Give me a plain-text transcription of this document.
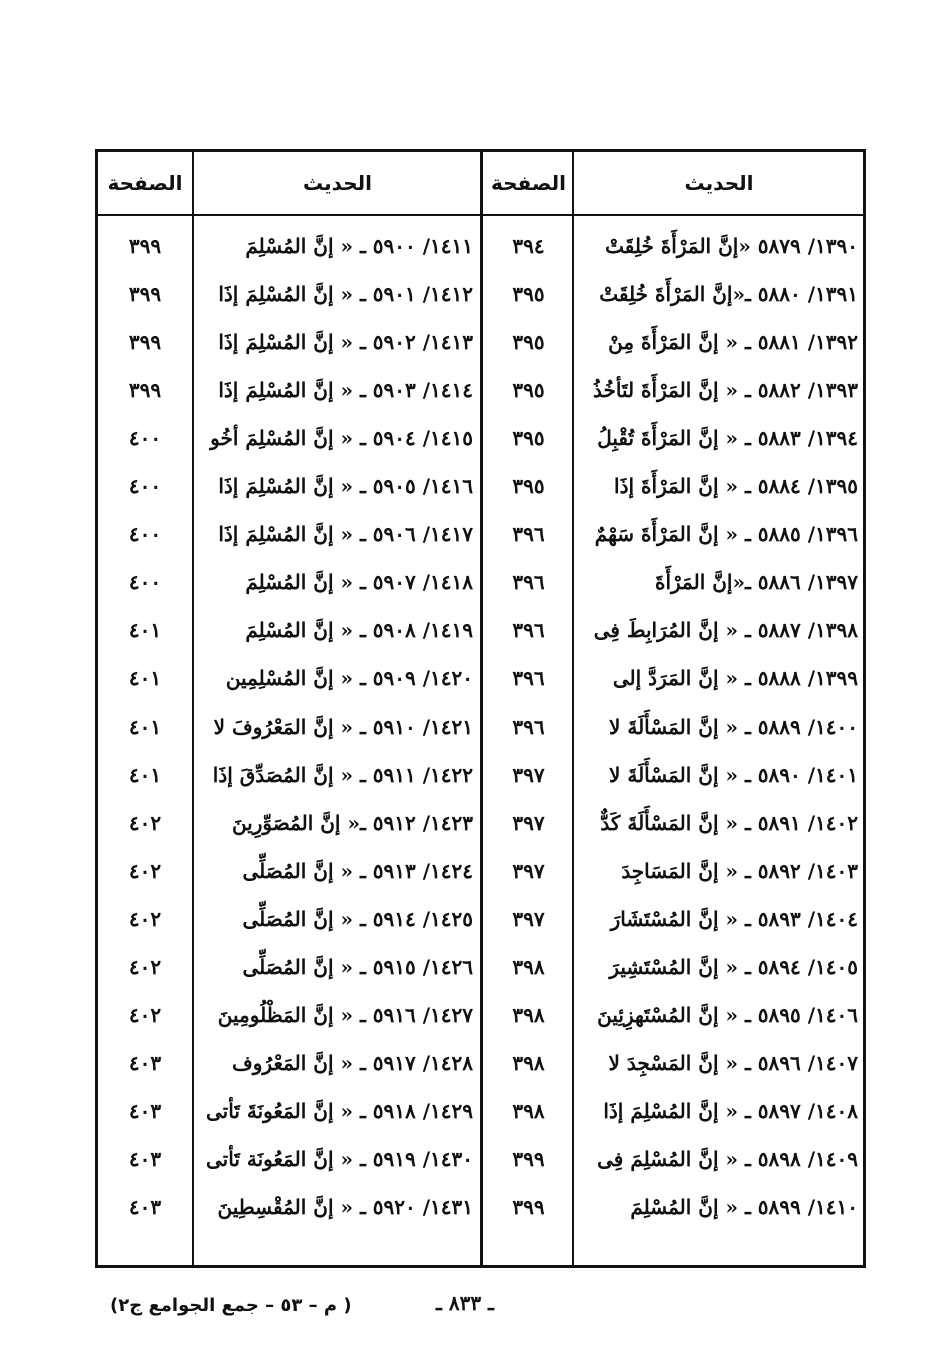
الحديث
الصفحة
الحديث
الصفحة
١٣٩٠/ ٥٨٧٩ «إنَّ المَرْأَةَ خُلِقَتْ
٣٩٤
١٤١١/ ٥٩٠٠ ـ « إنَّ المُسْلِمَ
٣٩٩
١٣٩١/ ٥٨٨٠ ـ«إنَّ المَرْأَةَ خُلِقَتْ
٣٩٥
١٤١٢/ ٥٩٠١ ـ « إنَّ المُسْلِمَ إذَا
٣٩٩
١٣٩٢/ ٥٨٨١ ـ « إنَّ المَرْأَةَ مِنْ
٣٩٥
١٤١٣/ ٥٩٠٢ ـ « إنَّ المُسْلِمَ إذَا
٣٩٩
١٣٩٣/ ٥٨٨٢ ـ « إنَّ المَرْأَةَ لتَأخُذُ
٣٩٥
١٤١٤/ ٥٩٠٣ ـ « إنَّ المُسْلِمَ إذَا
٣٩٩
١٣٩٤/ ٥٨٨٣ ـ « إنَّ المَرْأَةَ تُقْبِلُ
٣٩٥
١٤١٥/ ٥٩٠٤ ـ « إنَّ المُسْلِمَ أخُو
٤٠٠
١٣٩٥/ ٥٨٨٤ ـ « إنَّ المَرْأَةَ إذَا
٣٩٥
١٤١٦/ ٥٩٠٥ ـ « إنَّ المُسْلِمَ إذَا
٤٠٠
١٣٩٦/ ٥٨٨٥ ـ « إنَّ المَرْأَةَ سَهْمٌ
٣٩٦
١٤١٧/ ٥٩٠٦ ـ « إنَّ المُسْلِمَ إذَا
٤٠٠
١٣٩٧/ ٥٨٨٦ ـ«إنَّ المَرْأَةَ
٣٩٦
١٤١٨/ ٥٩٠٧ ـ « إنَّ المُسْلِمَ
٤٠٠
١٣٩٨/ ٥٨٨٧ ـ « إنَّ المُرَابِطَ فِى
٣٩٦
١٤١٩/ ٥٩٠٨ ـ « إنَّ المُسْلِمَ
٤٠١
١٣٩٩/ ٥٨٨٨ ـ « إنَّ المَرَدَّ إلى
٣٩٦
١٤٢٠/ ٥٩٠٩ ـ « إنَّ المُسْلِمِين
٤٠١
١٤٠٠/ ٥٨٨٩ ـ « إنَّ المَسْأَلَةَ لا
٣٩٦
١٤٢١/ ٥٩١٠ ـ « إنَّ المَعْرُوفَ لا
٤٠١
١٤٠١/ ٥٨٩٠ ـ « إنَّ المَسْأَلَةَ لا
٣٩٧
١٤٢٢/ ٥٩١١ ـ « إنَّ المُصَدِّقَ إذَا
٤٠١
١٤٠٢/ ٥٨٩١ ـ « إنَّ المَسْأَلَةَ كَدٌّ
٣٩٧
١٤٢٣/ ٥٩١٢ ـ« إنَّ المُصَوِّرِينَ
٤٠٢
١٤٠٣/ ٥٨٩٢ ـ « إنَّ المَسَاجِدَ
٣٩٧
١٤٢٤/ ٥٩١٣ ـ « إنَّ المُصَلِّى
٤٠٢
١٤٠٤/ ٥٨٩٣ ـ « إنَّ المُسْتَشَارَ
٣٩٧
١٤٢٥/ ٥٩١٤ ـ « إنَّ المُصَلِّى
٤٠٢
١٤٠٥/ ٥٨٩٤ ـ « إنَّ المُسْتَشِيرَ
٣٩٨
١٤٢٦/ ٥٩١٥ ـ « إنَّ المُصَلِّى
٤٠٢
١٤٠٦/ ٥٨٩٥ ـ « إنَّ المُسْتَهزِئِينَ
٣٩٨
١٤٢٧/ ٥٩١٦ ـ « إنَّ المَظْلُومِينَ
٤٠٢
١٤٠٧/ ٥٨٩٦ ـ « إنَّ المَسْجِدَ لا
٣٩٨
١٤٢٨/ ٥٩١٧ ـ « إنَّ المَعْرُوف
٤٠٣
١٤٠٨/ ٥٨٩٧ ـ « إنَّ المُسْلِمَ إذَا
٣٩٨
١٤٢٩/ ٥٩١٨ ـ « إنَّ المَعُونَةَ تَأتى
٤٠٣
١٤٠٩/ ٥٨٩٨ ـ « إنَّ المُسْلِمَ فِى
٣٩٩
١٤٣٠/ ٥٩١٩ ـ « إنَّ المَعُونَة تَأتى
٤٠٣
١٤١٠/ ٥٨٩٩ ـ « إنَّ المُسْلِمَ
٣٩٩
١٤٣١/ ٥٩٢٠ ـ « إنَّ المُقْسِطِينَ
٤٠٣
ـ ٨٣٣ ـ
( م – ٥٣ – جمع الجوامع ج٢)
